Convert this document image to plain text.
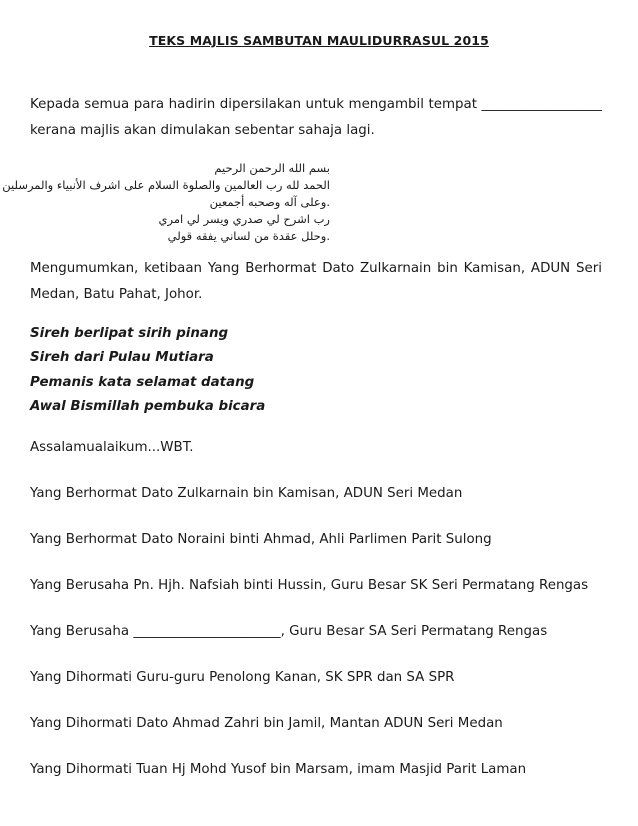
TEKS MAJLIS SAMBUTAN MAULIDURRASUL 2015
Kepada semua para hadirin dipersilakan untuk mengambil tempat __________________ kerana majlis akan dimulakan sebentar sahaja lagi.
بسم الله الرحمن الرحيم
الحمد لله رب العالمين والصلوة السلام على اشرف الأنبياء والمرسلين
.وعلى آله وصحبه أجمعين
رب اشرح لي صدري ويسر لي امري
.وحلل عقدة من لساني يفقه قولي
Mengumumkan, ketibaan Yang Berhormat Dato Zulkarnain bin Kamisan, ADUN Seri Medan, Batu Pahat, Johor.
Sireh berlipat sirih pinang
Sireh dari Pulau Mutiara
Pemanis kata selamat datang
Awal Bismillah pembuka bicara
Assalamualaikum...WBT.
Yang Berhormat Dato Zulkarnain bin Kamisan, ADUN Seri Medan
Yang Berhormat Dato Noraini binti Ahmad, Ahli Parlimen Parit Sulong
Yang Berusaha Pn. Hjh. Nafsiah binti Hussin, Guru Besar SK Seri Permatang Rengas
Yang Berusaha ______________________, Guru Besar SA Seri Permatang Rengas
Yang Dihormati Guru-guru Penolong Kanan, SK SPR dan SA SPR
Yang Dihormati Dato Ahmad Zahri bin Jamil, Mantan ADUN Seri Medan
Yang Dihormati Tuan Hj Mohd Yusof bin Marsam, imam Masjid Parit Laman
